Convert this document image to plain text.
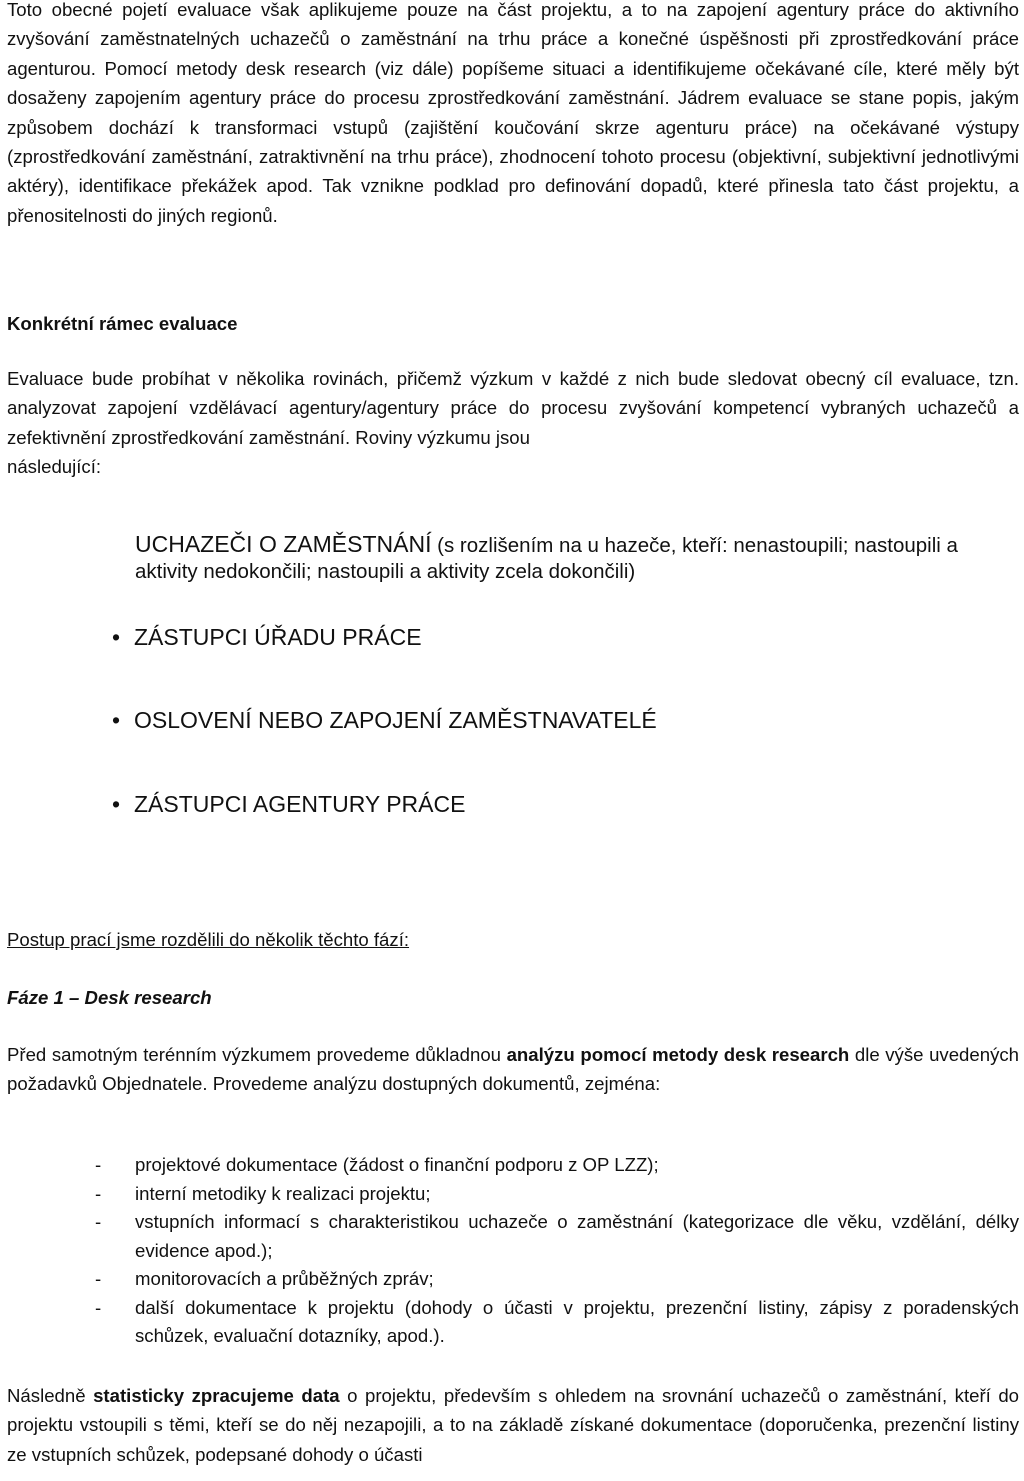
Toto obecné pojetí evaluace však aplikujeme pouze na část projektu, a to na zapojení agentury práce do aktivního zvyšování zaměstnatelných uchazečů o zaměstnání na trhu práce a konečné úspěšnosti při zprostředkování práce agenturou. Pomocí metody desk research (viz dále) popíšeme situaci a identifikujeme očekávané cíle, které měly být dosaženy zapojením agentury práce do procesu zprostředkování zaměstnání. Jádrem evaluace se stane popis, jakým způsobem dochází k transformaci vstupů (zajištění koučování skrze agenturu práce) na očekávané výstupy (zprostředkování zaměstnání, zatraktivnění na trhu práce), zhodnocení tohoto procesu (objektivní, subjektivní jednotlivými aktéry), identifikace překážek apod. Tak vznikne podklad pro definování dopadů, které přinesla tato část projektu, a přenositelnosti do jiných regionů.

Konkrétní rámec evaluace

Evaluace bude probíhat v několika rovinách, přičemž výzkum v každé z nich bude sledovat obecný cíl evaluace, tzn. analyzovat zapojení vzdělávací agentury/agentury práce do procesu zvyšování kompetencí vybraných uchazečů a zefektivnění zprostředkování zaměstnání. Roviny výzkumu jsou

následující:

UCHAZEČI O ZAMĚSTNÁNÍ (s rozlišením na u hazeče, kteří: nenastoupili; nastoupili a aktivity nedokončili; nastoupili a aktivity zcela dokončili)

• ZÁSTUPCI ÚŘADU PRÁCE

• OSLOVENÍ NEBO ZAPOJENÍ ZAMĚSTNAVATELÉ

• ZÁSTUPCI AGENTURY PRÁCE

Postup prací jsme rozdělili do několik těchto fází:

Fáze 1 – Desk research

Před samotným terénním výzkumem provedeme důkladnou analýzu pomocí metody desk research dle výše uvedených požadavků Objednatele. Provedeme analýzu dostupných dokumentů, zejména:

- projektové dokumentace (žádost o finanční podporu z OP LZZ);
- interní metodiky k realizaci projektu;
- vstupních informací s charakteristikou uchazeče o zaměstnání (kategorizace dle věku, vzdělání, délky evidence apod.);
- monitorovacích a průběžných zpráv;
- další dokumentace k projektu (dohody o účasti v projektu, prezenční listiny, zápisy z poradenských schůzek, evaluační dotazníky, apod.).

Následně statisticky zpracujeme data o projektu, především s ohledem na srovnání uchazečů o zaměstnání, kteří do projektu vstoupili s těmi, kteří se do něj nezapojili, a to na základě získané dokumentace (doporučenka, prezenční listiny ze vstupních schůzek, podepsané dohody o účasti
